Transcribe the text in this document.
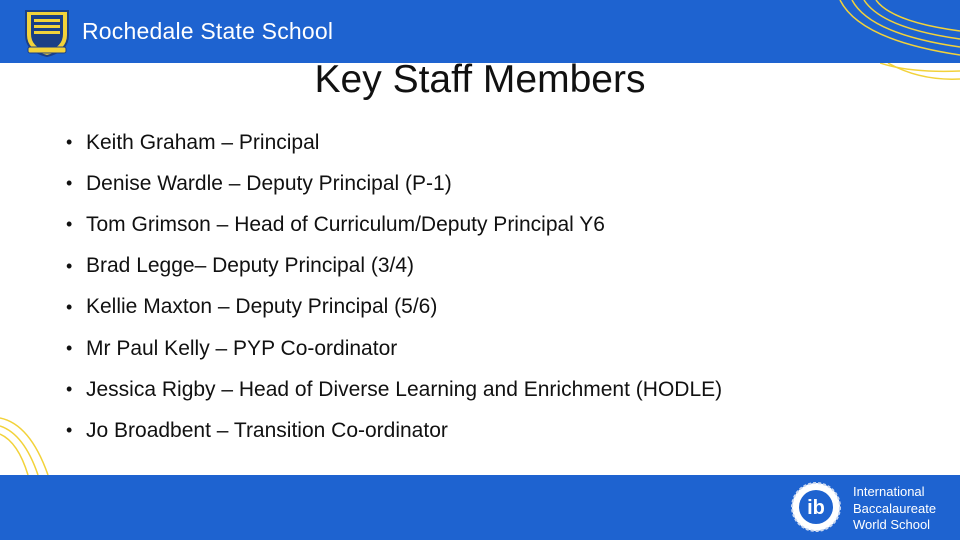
Rochedale State School
Key Staff Members
• Keith Graham – Principal
• Denise Wardle – Deputy Principal (P-1)
• Tom Grimson – Head of Curriculum/Deputy Principal Y6
• Brad Legge– Deputy Principal (3/4)
• Kellie Maxton – Deputy Principal (5/6)
• Mr Paul Kelly – PYP Co-ordinator
• Jessica Rigby – Head of Diverse Learning and Enrichment (HODLE)
• Jo Broadbent – Transition Co-ordinator
ib
International
Baccalaureate
World School
